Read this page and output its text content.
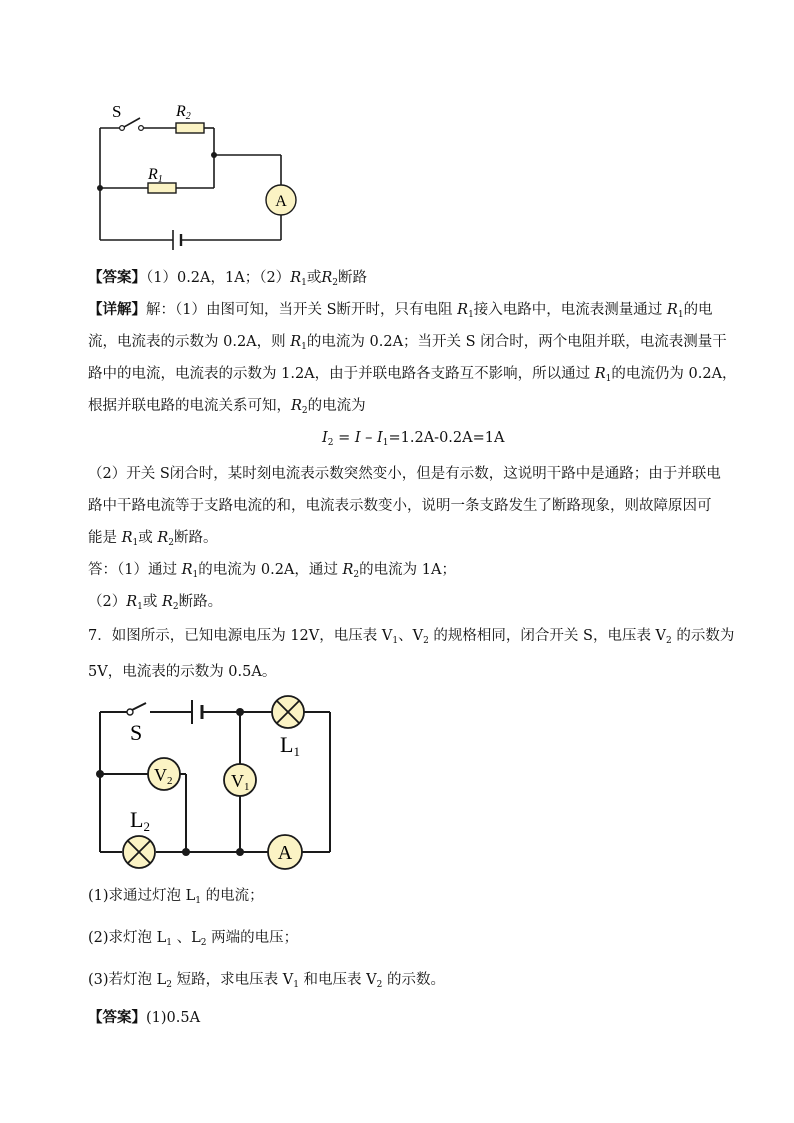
S	R2
R1
A
【答案】（1）0.2A，1A；$(2)R_1$或$R_2$断路
【详解】解：（1）由图可知，当开关 S断开时，只有电阻 $R_1$接入电路中，电流表测量通过 $R_1$的电
流，电流表的示数为 0.2A，则 $R_1$的电流为 0.2A；当开关 S 闭合时，两个电阻并联，电流表测量干
路中的电流，电流表的示数为 1.2A，由于并联电路各支路互不影响，所以通过 $R_1$的电流仍为 0.2A，
根据并联电路的电流关系可知，$R_2$的电流为
$I_2 = I - I_1=1.2A-0.2A=1A$
（2）开关 S闭合时，某时刻电流表示数突然变小，但是有示数，这说明干路中是通路；由于并联电
路中干路电流等于支路电流的和，电流表示数变小，说明一条支路发生了断路现象，则故障原因可
能是 $R_1$或 $R_2$断路。
答：（1）通过 $R_1$的电流为 0.2A，通过 $R_2$的电流为 1A；
$(2)R_1$或 $R_2$断路。
7．如图所示，已知电源电压为 12V，电压表 $V_1$、$V_2$ 的规格相同，闭合开关 S，电压表 $V_2$ 的示数为
5V，电流表的示数为 0.5A。
S	L1
L2
V1
V2
A
(1)求通过灯泡 $L_1$ 的电流；
(2)求灯泡 $L_1$ 、$L_2$ 两端的电压；
(3)若灯泡 $L_2$ 短路，求电压表 $V_1$ 和电压表 $V_2$ 的示数。
【答案】(1)0.5A
